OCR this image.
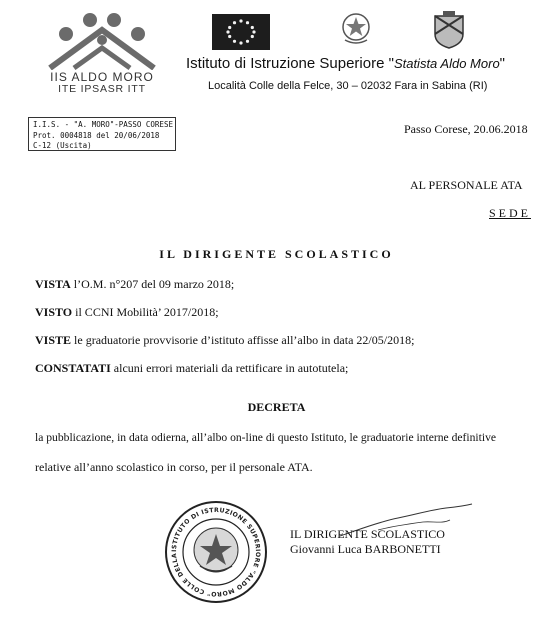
IIS ALDO MORO
ITE IPSASR ITT
Istituto di Istruzione Superiore "Statista Aldo Moro"
Località Colle della Felce, 30 – 02032 Fara in Sabina (RI)
I.I.S. - "A. MORO"-PASSO CORESE
Prot. 0004818 del 20/06/2018
C-12 (Uscita)
Passo Corese, 20.06.2018
AL PERSONALE ATA
SEDE
IL DIRIGENTE SCOLASTICO
VISTA l’O.M. n°207 del 09 marzo 2018;
VISTO il CCNI Mobilità’ 2017/2018;
VISTE le graduatorie provvisorie d’istituto affisse all’albo in data 22/05/2018;
CONSTATATI alcuni errori materiali da rettificare in autotutela;
DECRETA
la pubblicazione, in data odierna, all’albo on-line di questo Istituto, le graduatorie interne definitive
relative all’anno scolastico in corso, per il personale ATA.
ISTITUTO DI ISTRUZIONE SUPERIORE "ALDO MORO" COLLE DELLA
IL DIRIGENTE SCOLASTICO
Giovanni Luca BARBONETTI
